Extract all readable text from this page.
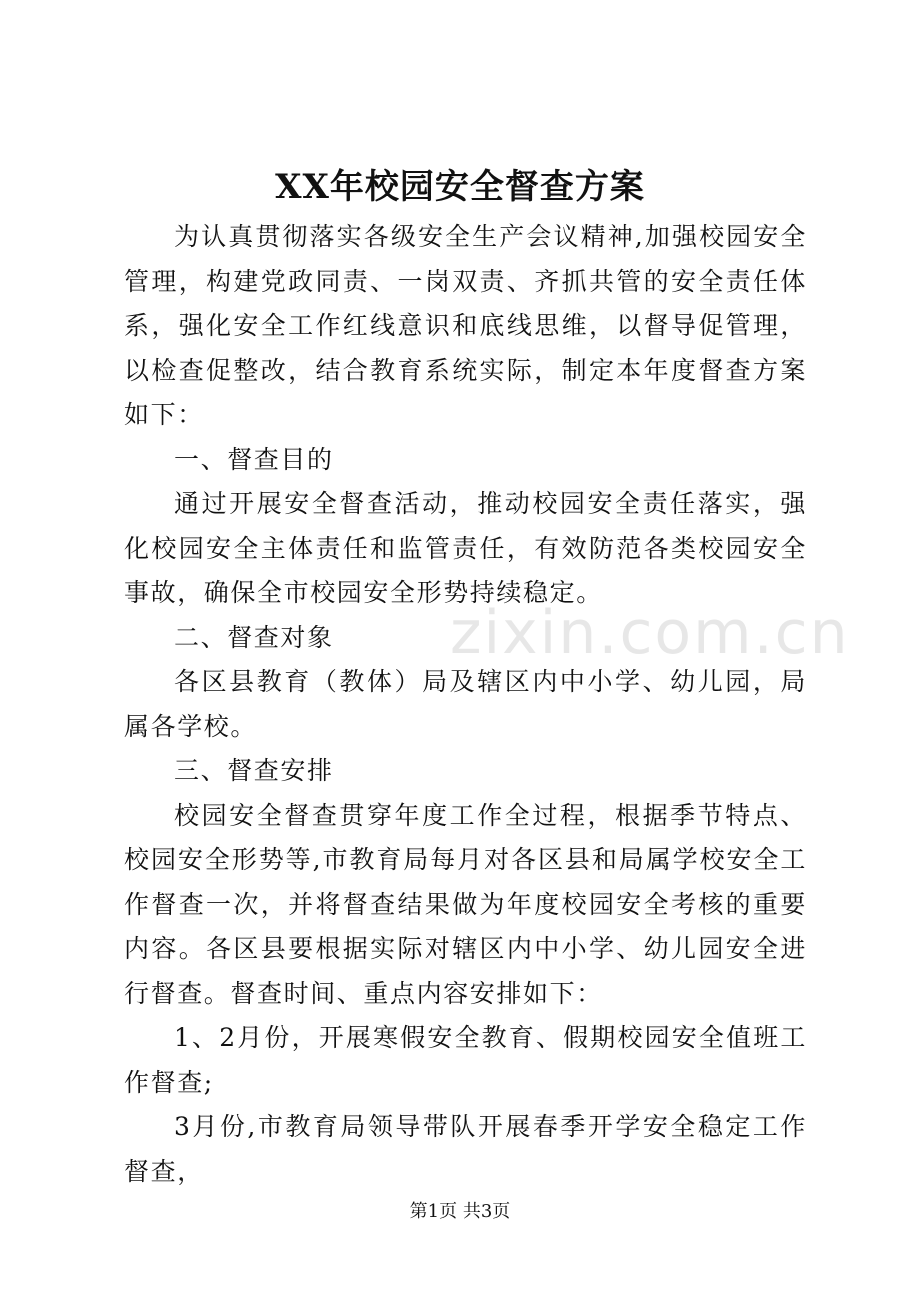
XX年校园安全督查方案

为认真贯彻落实各级安全生产会议精神,加强校园安全管理，构建党政同责、一岗双责、齐抓共管的安全责任体系，强化安全工作红线意识和底线思维，以督导促管理，以检查促整改，结合教育系统实际，制定本年度督查方案如下：

一、督查目的

通过开展安全督查活动，推动校园安全责任落实，强化校园安全主体责任和监管责任，有效防范各类校园安全事故，确保全市校园安全形势持续稳定。

二、督查对象

各区县教育（教体）局及辖区内中小学、幼儿园，局属各学校。

三、督查安排

校园安全督查贯穿年度工作全过程，根据季节特点、校园安全形势等,市教育局每月对各区县和局属学校安全工作督查一次，并将督查结果做为年度校园安全考核的重要内容。各区县要根据实际对辖区内中小学、幼儿园安全进行督查。督查时间、重点内容安排如下：

1、2月份，开展寒假安全教育、假期校园安全值班工作督查;

3月份,市教育局领导带队开展春季开学安全稳定工作督查，

zixin.com.cn
第1页 共3页
